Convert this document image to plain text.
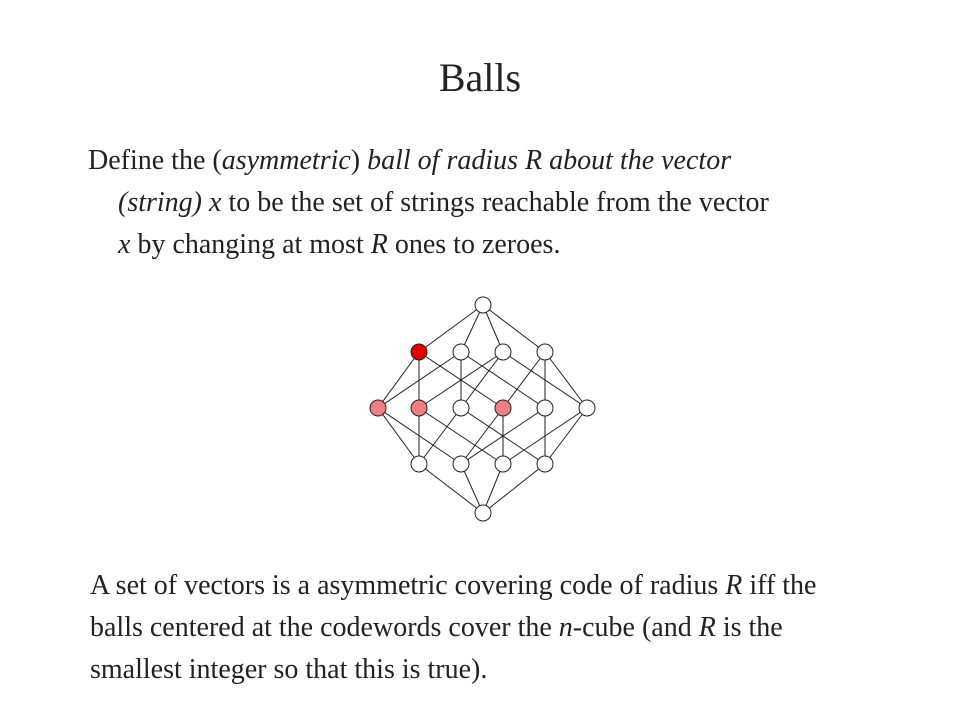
Balls
Define the (asymmetric) ball of radius R about the vector
(string) x to be the set of strings reachable from the vector
x by changing at most R ones to zeroes.
A set of vectors is a asymmetric covering code of radius R iff the
balls centered at the codewords cover the n-cube (and R is the
smallest integer so that this is true).
